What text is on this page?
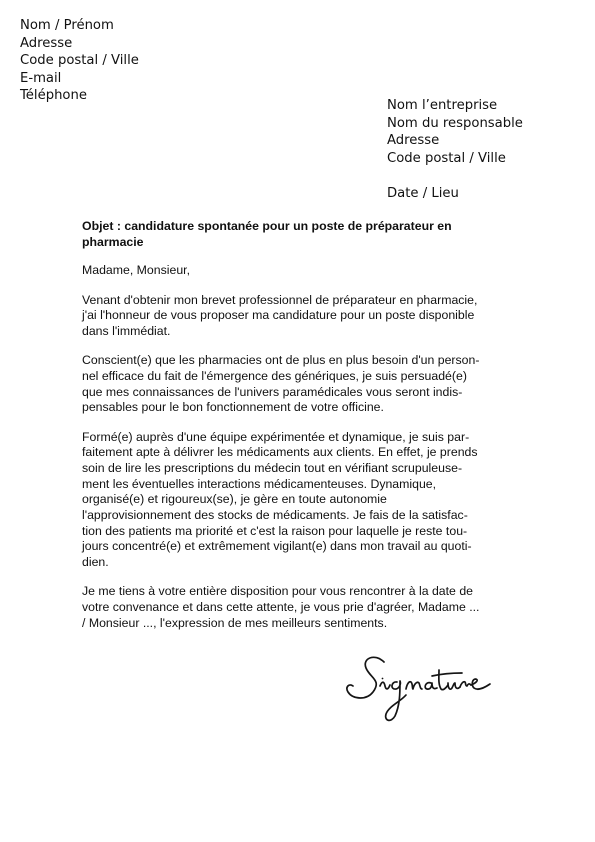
Nom / Prénom
Adresse
Code postal / Ville
E-mail
Téléphone
Nom l’entreprise
Nom du responsable
Adresse
Code postal / Ville
Date / Lieu
Objet : candidature spontanée pour un poste de préparateur en
pharmacie

Madame, Monsieur,

Venant d'obtenir mon brevet professionnel de préparateur en pharmacie,
j'ai l'honneur de vous proposer ma candidature pour un poste disponible
dans l'immédiat.

Conscient(e) que les pharmacies ont de plus en plus besoin d'un person-
nel efficace du fait de l'émergence des génériques, je suis persuadé(e)
que mes connaissances de l'univers paramédicales vous seront indis-
pensables pour le bon fonctionnement de votre officine.

Formé(e) auprès d'une équipe expérimentée et dynamique, je suis par-
faitement apte à délivrer les médicaments aux clients. En effet, je prends
soin de lire les prescriptions du médecin tout en vérifiant scrupuleuse-
ment les éventuelles interactions médicamenteuses. Dynamique,
organisé(e) et rigoureux(se), je gère en toute autonomie
l'approvisionnement des stocks de médicaments. Je fais de la satisfac-
tion des patients ma priorité et c'est la raison pour laquelle je reste tou-
jours concentré(e) et extrêmement vigilant(e) dans mon travail au quoti-
dien.

Je me tiens à votre entière disposition pour vous rencontrer à la date de
votre convenance et dans cette attente, je vous prie d'agréer, Madame ...
/ Monsieur ..., l'expression de mes meilleurs sentiments.
